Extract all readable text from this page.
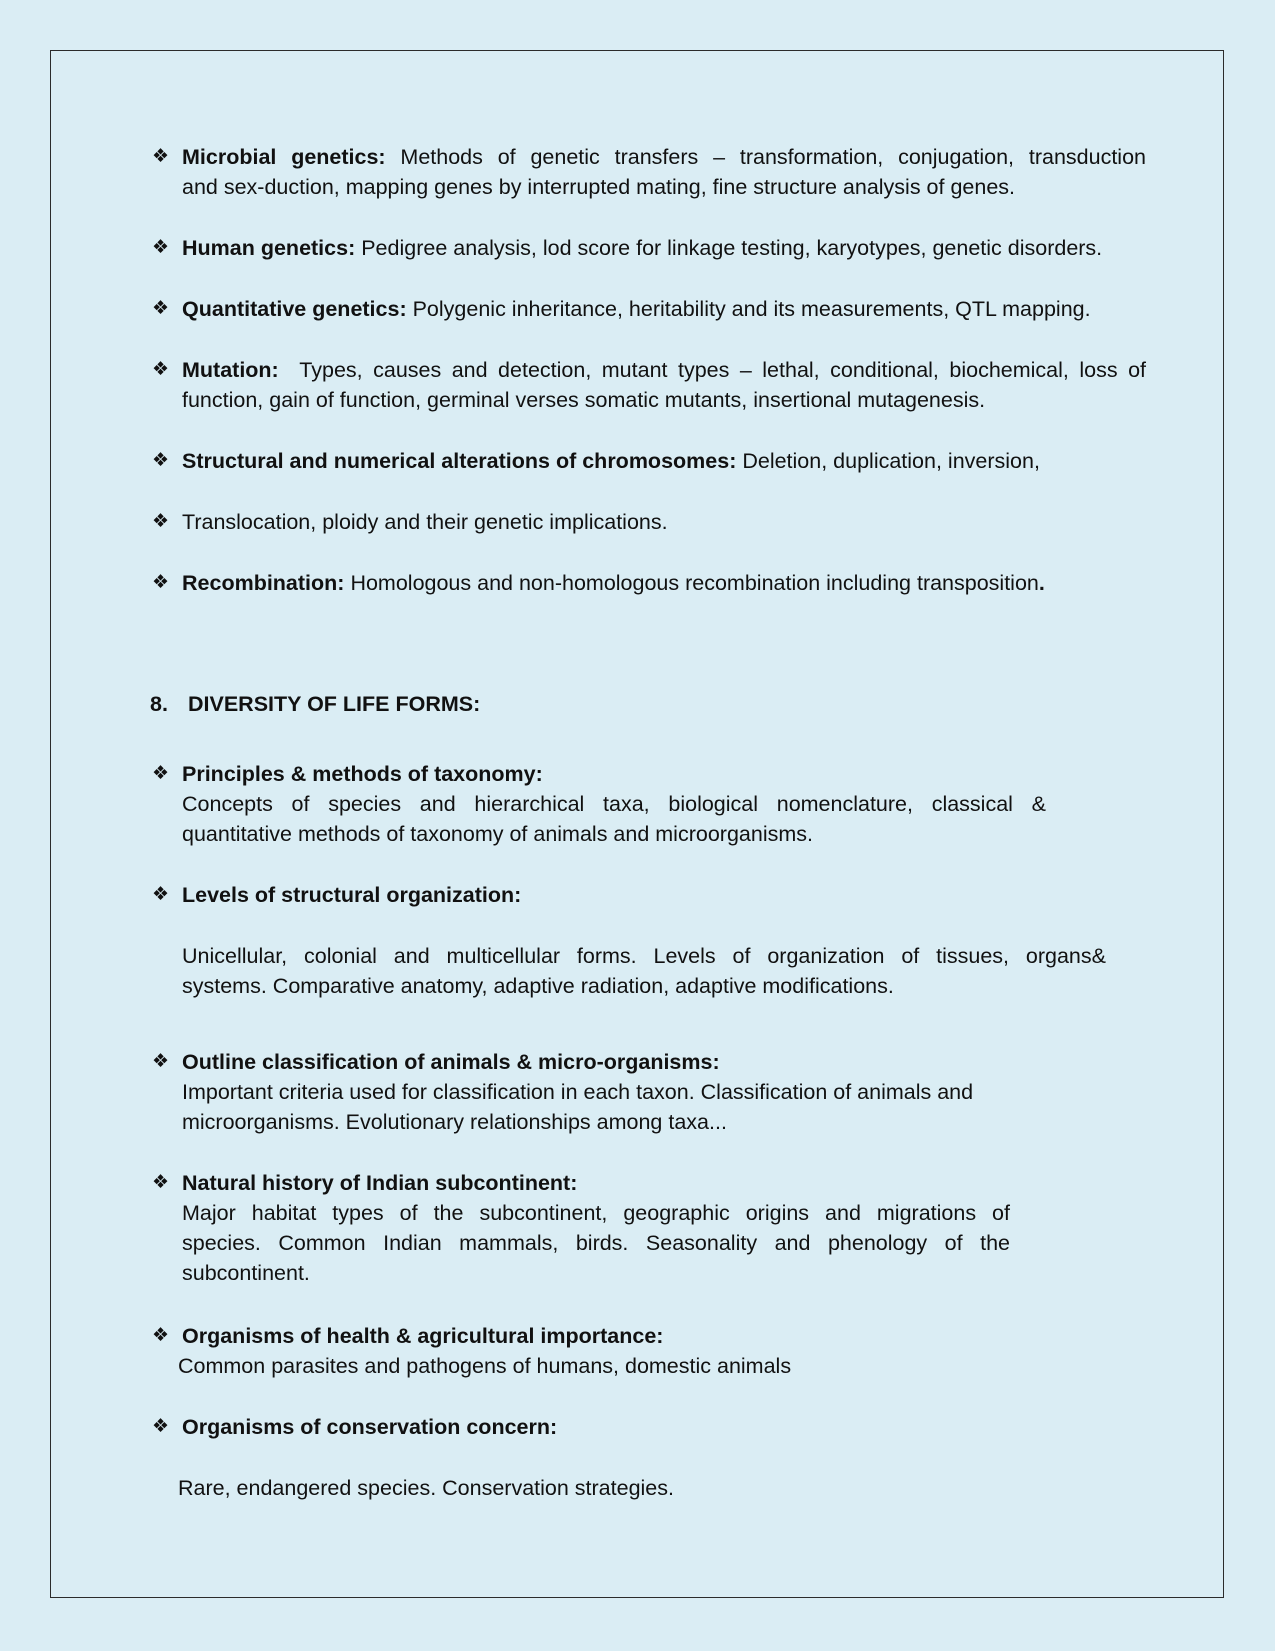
❖ Microbial genetics: Methods of genetic transfers – transformation, conjugation, transduction
and sex-duction, mapping genes by interrupted mating, fine structure analysis of genes.
❖ Human genetics: Pedigree analysis, lod score for linkage testing, karyotypes, genetic disorders.
❖ Quantitative genetics: Polygenic inheritance, heritability and its measurements, QTL mapping.
❖ Mutation: Types, causes and detection, mutant types – lethal, conditional, biochemical, loss of
function, gain of function, germinal verses somatic mutants, insertional mutagenesis.
❖ Structural and numerical alterations of chromosomes: Deletion, duplication, inversion,
❖ Translocation, ploidy and their genetic implications.
❖ Recombination: Homologous and non-homologous recombination including transposition.
8. DIVERSITY OF LIFE FORMS:
❖ Principles & methods of taxonomy:
Concepts of species and hierarchical taxa, biological nomenclature, classical &
quantitative methods of taxonomy of animals and microorganisms.
❖ Levels of structural organization:
Unicellular, colonial and multicellular forms. Levels of organization of tissues, organs&
systems. Comparative anatomy, adaptive radiation, adaptive modifications.
❖ Outline classification of animals & micro-organisms:
Important criteria used for classification in each taxon. Classification of animals and
microorganisms. Evolutionary relationships among taxa...
❖ Natural history of Indian subcontinent:
Major habitat types of the subcontinent, geographic origins and migrations of
species. Common Indian mammals, birds. Seasonality and phenology of the
subcontinent.
❖ Organisms of health & agricultural importance:
Common parasites and pathogens of humans, domestic animals
❖ Organisms of conservation concern:
Rare, endangered species. Conservation strategies.
